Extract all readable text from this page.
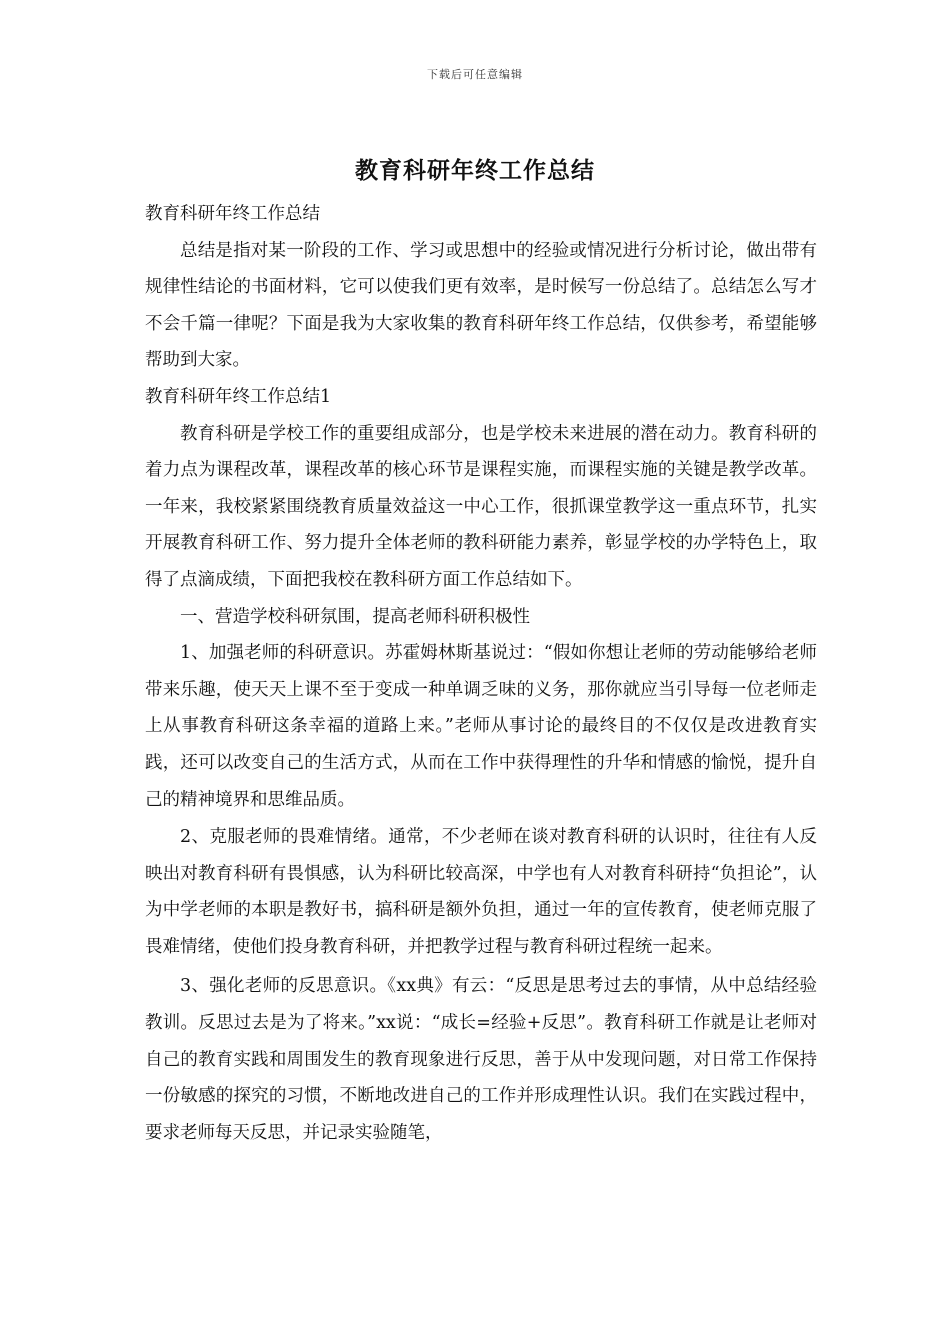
下载后可任意编辑
教育科研年终工作总结

教育科研年终工作总结

总结是指对某一阶段的工作、学习或思想中的经验或情况进行分析讨论，做出带有规律性结论的书面材料，它可以使我们更有效率，是时候写一份总结了。总结怎么写才不会千篇一律呢？下面是我为大家收集的教育科研年终工作总结，仅供参考，希望能够帮助到大家。

教育科研年终工作总结1

教育科研是学校工作的重要组成部分，也是学校未来进展的潜在动力。教育科研的着力点为课程改革，课程改革的核心环节是课程实施，而课程实施的关键是教学改革。一年来，我校紧紧围绕教育质量效益这一中心工作，很抓课堂教学这一重点环节，扎实开展教育科研工作、努力提升全体老师的教科研能力素养，彰显学校的办学特色上，取得了点滴成绩，下面把我校在教科研方面工作总结如下。

一、营造学校科研氛围，提高老师科研积极性

1、加强老师的科研意识。苏霍姆林斯基说过：“假如你想让老师的劳动能够给老师带来乐趣，使天天上课不至于变成一种单调乏味的义务，那你就应当引导每一位老师走上从事教育科研这条幸福的道路上来。”老师从事讨论的最终目的不仅仅是改进教育实践，还可以改变自己的生活方式，从而在工作中获得理性的升华和情感的愉悦，提升自己的精神境界和思维品质。

2、克服老师的畏难情绪。通常，不少老师在谈对教育科研的认识时，往往有人反映出对教育科研有畏惧感，认为科研比较高深，中学也有人对教育科研持“负担论”，认为中学老师的本职是教好书，搞科研是额外负担，通过一年的宣传教育，使老师克服了畏难情绪，使他们投身教育科研，并把教学过程与教育科研过程统一起来。

3、强化老师的反思意识。《xx典》有云：“反思是思考过去的事情，从中总结经验教训。反思过去是为了将来。”xx说：“成长=经验+反思”。教育科研工作就是让老师对自己的教育实践和周围发生的教育现象进行反思，善于从中发现问题，对日常工作保持一份敏感的探究的习惯，不断地改进自己的工作并形成理性认识。我们在实践过程中，要求老师每天反思，并记录实验随笔，
